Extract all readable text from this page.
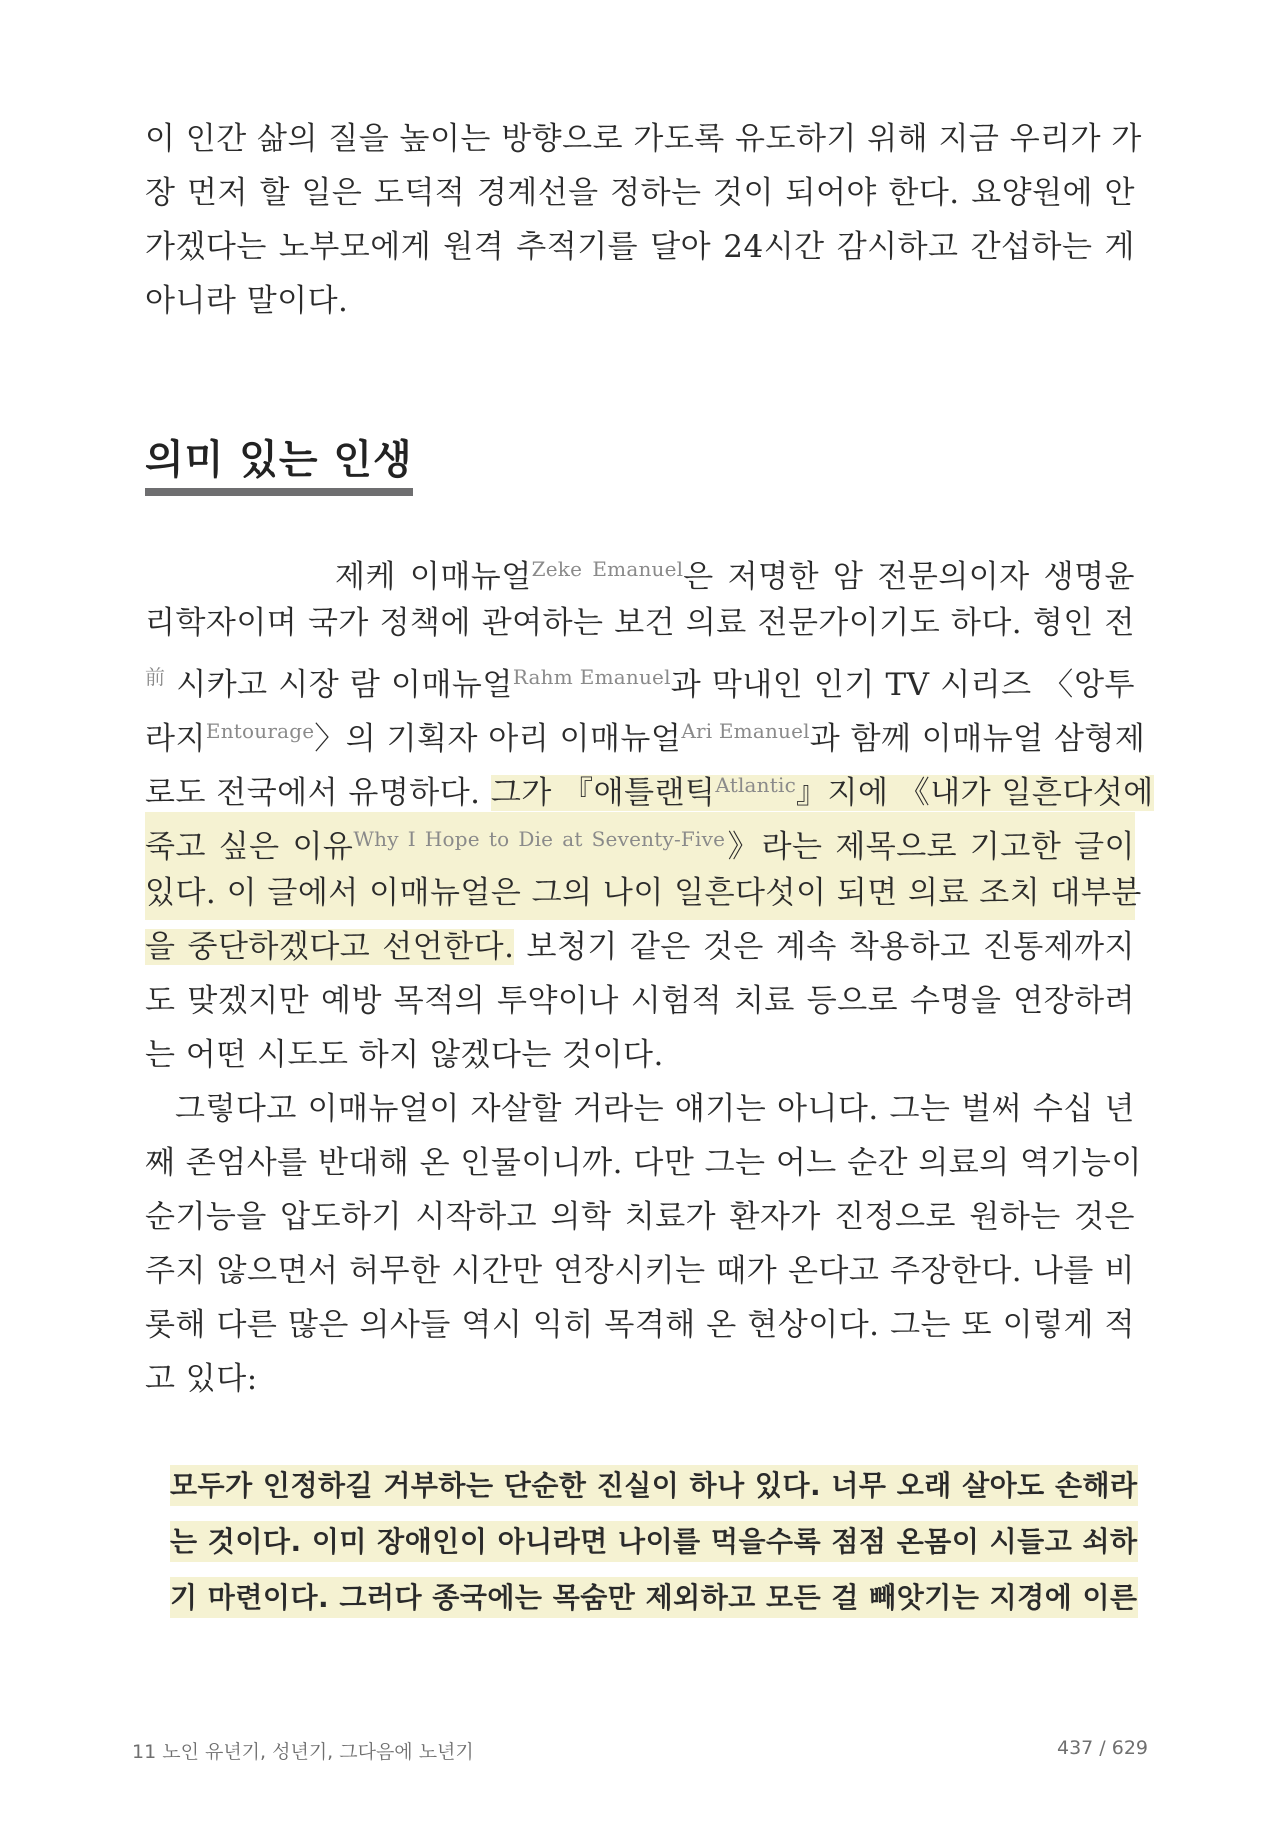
이 인간 삶의 질을 높이는 방향으로 가도록 유도하기 위해 지금 우리가 가
장 먼저 할 일은 도덕적 경계선을 정하는 것이 되어야 한다. 요양원에 안
가겠다는 노부모에게 원격 추적기를 달아 24시간 감시하고 간섭하는 게
아니라 말이다.
의미 있는 인생
제케 이매뉴얼$^{Zeke Emanuel}$은 저명한 암 전문의이자 생명윤
리학자이며 국가 정책에 관여하는 보건 의료 전문가이기도 하다. 형인 전
$^前$ 시카고 시장 람 이매뉴얼$^{Rahm Emanuel}$과 막내인 인기 TV 시리즈 〈앙투
라지$^{Entourage}$〉의 기획자 아리 이매뉴얼$^{Ari Emanuel}$과 함께 이매뉴얼 삼형제
로도 전국에서 유명하다. 그가 『애틀랜틱$^{Atlantic}$』지에 《내가 일흔다섯에
죽고 싶은 이유$^{Why I Hope to Die at Seventy-Five}$》라는 제목으로 기고한 글이
있다. 이 글에서 이매뉴얼은 그의 나이 일흔다섯이 되면 의료 조치 대부분
을 중단하겠다고 선언한다. 보청기 같은 것은 계속 착용하고 진통제까지
도 맞겠지만 예방 목적의 투약이나 시험적 치료 등으로 수명을 연장하려
는 어떤 시도도 하지 않겠다는 것이다.
그렇다고 이매뉴얼이 자살할 거라는 얘기는 아니다. 그는 벌써 수십 년
째 존엄사를 반대해 온 인물이니까. 다만 그는 어느 순간 의료의 역기능이
순기능을 압도하기 시작하고 의학 치료가 환자가 진정으로 원하는 것은
주지 않으면서 허무한 시간만 연장시키는 때가 온다고 주장한다. 나를 비
롯해 다른 많은 의사들 역시 익히 목격해 온 현상이다. 그는 또 이렇게 적
고 있다:
모두가 인정하길 거부하는 단순한 진실이 하나 있다. 너무 오래 살아도 손해라
는 것이다. 이미 장애인이 아니라면 나이를 먹을수록 점점 온몸이 시들고 쇠하
기 마련이다. 그러다 종국에는 목숨만 제외하고 모든 걸 빼앗기는 지경에 이른
11 노인 유년기, 성년기, 그다음에 노년기	437 / 629
